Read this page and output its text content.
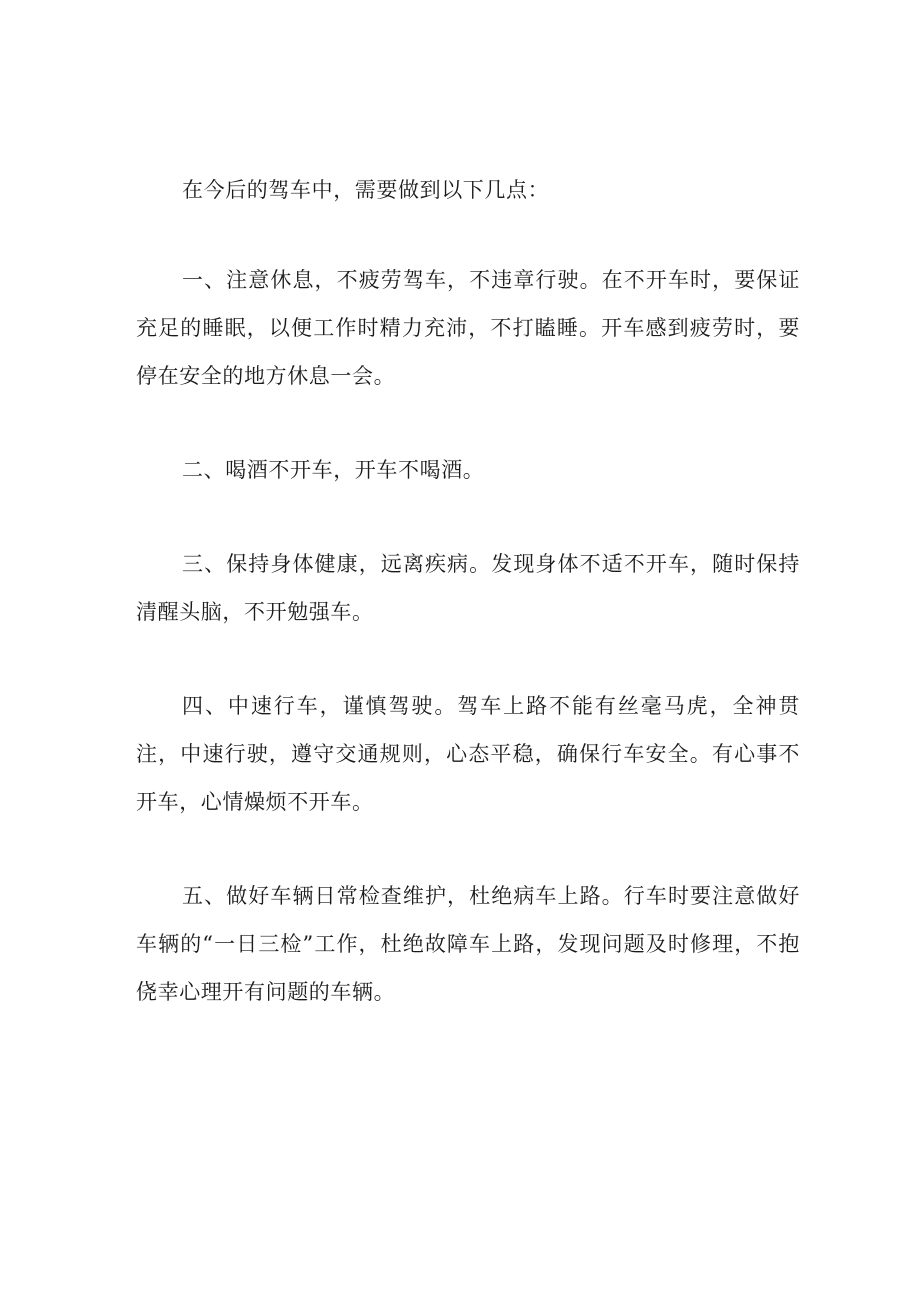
在今后的驾车中，需要做到以下几点：

一、注意休息，不疲劳驾车，不违章行驶。在不开车时，要保证充足的睡眠，以便工作时精力充沛，不打瞌睡。开车感到疲劳时，要停在安全的地方休息一会。

二、喝酒不开车，开车不喝酒。

三、保持身体健康，远离疾病。发现身体不适不开车，随时保持清醒头脑，不开勉强车。

四、中速行车，谨慎驾驶。驾车上路不能有丝毫马虎，全神贯注，中速行驶，遵守交通规则，心态平稳，确保行车安全。有心事不开车，心情燥烦不开车。

五、做好车辆日常检查维护，杜绝病车上路。行车时要注意做好车辆的“一日三检”工作，杜绝故障车上路，发现问题及时修理，不抱侥幸心理开有问题的车辆。
